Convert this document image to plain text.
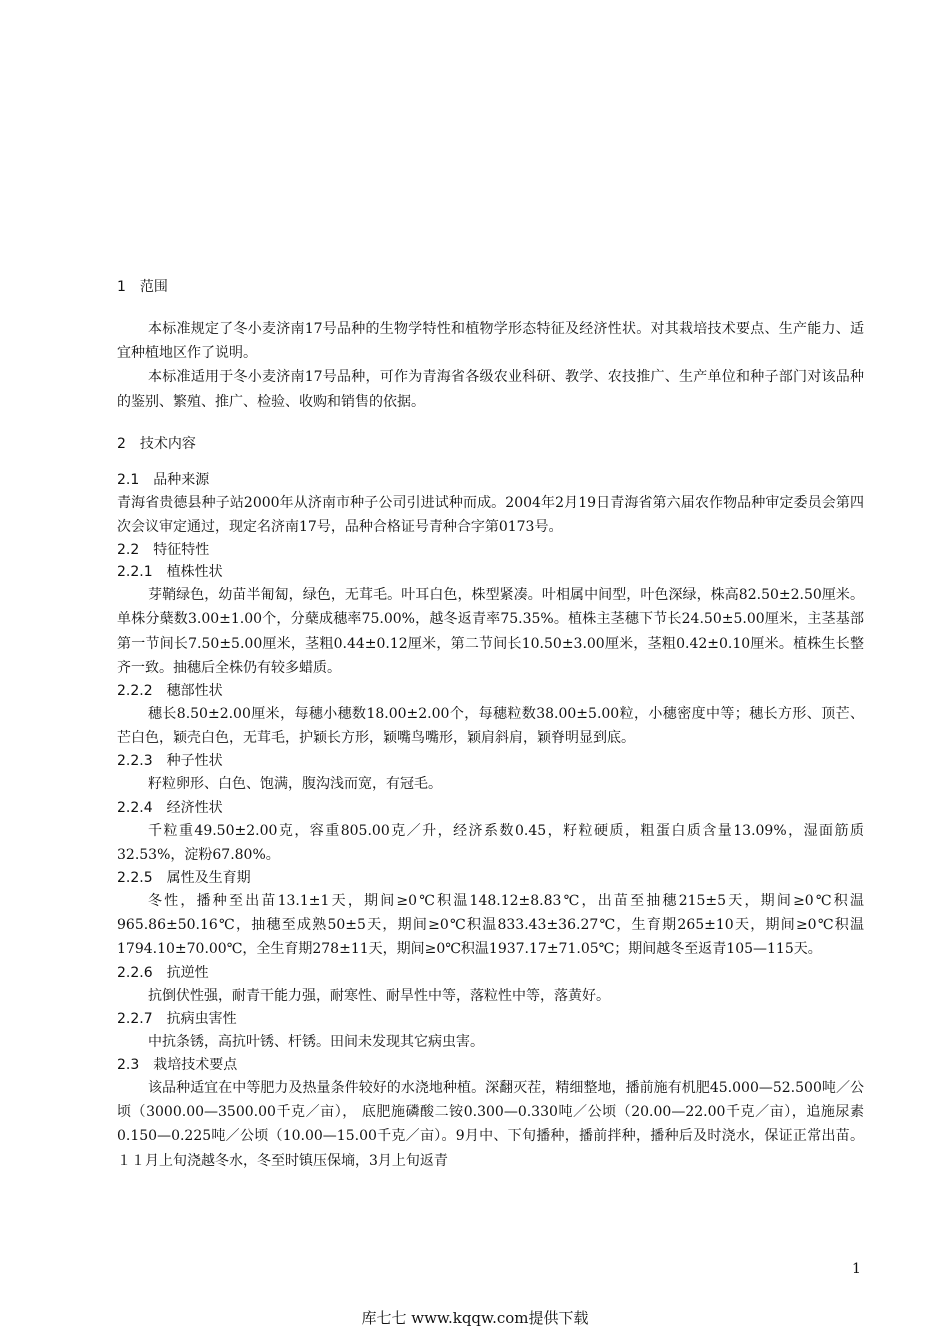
1　范围

本标准规定了冬小麦济南17号品种的生物学特性和植物学形态特征及经济性状。对其栽培技术要点、生产能力、适宜种植地区作了说明。

本标准适用于冬小麦济南17号品种，可作为青海省各级农业科研、教学、农技推广、生产单位和种子部门对该品种的鉴别、繁殖、推广、检验、收购和销售的依据。

2　技术内容

2.1　品种来源

青海省贵德县种子站2000年从济南市种子公司引进试种而成。2004年2月19日青海省第六届农作物品种审定委员会第四次会议审定通过，现定名济南17号，品种合格证号青种合字第0173号。

2.2　特征特性

2.2.1　植株性状

芽鞘绿色，幼苗半匍匐，绿色，无茸毛。叶耳白色，株型紧凑。叶相属中间型，叶色深绿，株高82.50±2.50厘米。单株分蘖数3.00±1.00个，分蘖成穗率75.00%，越冬返青率75.35%。植株主茎穗下节长24.50±5.00厘米，主茎基部第一节间长7.50±5.00厘米，茎粗0.44±0.12厘米，第二节间长10.50±3.00厘米，茎粗0.42±0.10厘米。植株生长整齐一致。抽穗后全株仍有较多蜡质。

2.2.2　穗部性状

穗长8.50±2.00厘米，每穗小穗数18.00±2.00个，每穗粒数38.00±5.00粒，小穗密度中等；穗长方形、顶芒、芒白色，颖壳白色，无茸毛，护颖长方形，颖嘴鸟嘴形，颖肩斜肩，颖脊明显到底。

2.2.3　种子性状

籽粒卵形、白色、饱满，腹沟浅而宽，有冠毛。

2.2.4　经济性状

千粒重49.50±2.00克，容重805.00克／升，经济系数0.45，籽粒硬质，粗蛋白质含量13.09%，湿面筋质32.53%，淀粉67.80%。

2.2.5　属性及生育期

冬性，播种至出苗13.1±1天，期间≥0℃积温148.12±8.83℃，出苗至抽穗215±5天，期间≥0℃积温965.86±50.16℃，抽穗至成熟50±5天，期间≥0℃积温833.43±36.27℃，生育期265±10天，期间≥0℃积温1794.10±70.00℃，全生育期278±11天，期间≥0℃积温1937.17±71.05℃；期间越冬至返青105—115天。

2.2.6　抗逆性

抗倒伏性强，耐青干能力强，耐寒性、耐旱性中等，落粒性中等，落黄好。

2.2.7　抗病虫害性

中抗条锈，高抗叶锈、杆锈。田间未发现其它病虫害。

2.3　栽培技术要点

该品种适宜在中等肥力及热量条件较好的水浇地种植。深翻灭茬，精细整地，播前施有机肥45.000—52.500吨／公顷（3000.00—3500.00千克／亩）， 底肥施磷酸二铵0.300—0.330吨／公顷（20.00—22.00千克／亩），追施尿素0.150—0.225吨／公顷（10.00—15.00千克／亩）。9月中、下旬播种，播前拌种，播种后及时浇水，保证正常出苗。１１月上旬浇越冬水，冬至时镇压保墒，3月上旬返青

1
库七七 www.kqqw.com提供下载
